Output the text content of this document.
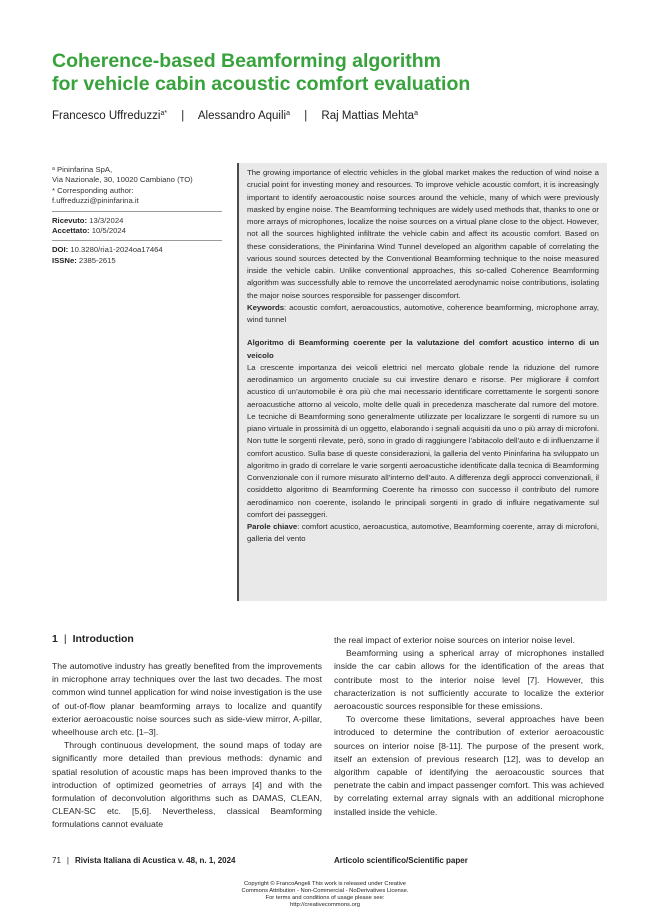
Coherence-based Beamforming algorithm
for vehicle cabin acoustic comfort evaluation
Francesco Uffreduzzi$^{a*}$ | Alessandro Aquili$^a$ | Raj Mattias Mehta$^a$

ᵃ Pininfarina SpA,

Via Nazionale, 30, 10020 Cambiano (TO)

* Corresponding author:

f.uffreduzzi@pininfarina.it

Ricevuto: 13/3/2024

Accettato: 10/5/2024

DOI: 10.3280/ria1-2024oa17464

ISSNe: 2385-2615

The growing importance of electric vehicles in the global market makes the reduction of wind noise a crucial point for investing money and resources. To improve vehicle acoustic comfort, it is increasingly important to identify aeroacoustic noise sources around the vehicle, many of which were previously masked by engine noise. The Beamforming techniques are widely used methods that, thanks to one or more arrays of microphones, localize the noise sources on a virtual plane close to the object. However, not all the sources highlighted infiltrate the vehicle cabin and affect its acoustic comfort. Based on these considerations, the Pininfarina Wind Tunnel developed an algorithm capable of correlating the various sound sources detected by the Conventional Beamforming technique to the noise measured inside the vehicle cabin. Unlike conventional approaches, this so-called Coherence Beamforming algorithm was successfully able to remove the uncorrelated aerodynamic noise contributions, isolating the major noise sources responsible for passenger discomfort.

Keywords: acoustic comfort, aeroacoustics, automotive, coherence beamforming, microphone array, wind tunnel

Algoritmo di Beamforming coerente per la valutazione del comfort acustico interno di un veicolo

La crescente importanza dei veicoli elettrici nel mercato globale rende la riduzione del rumore aerodinamico un argomento cruciale su cui investire denaro e risorse. Per migliorare il comfort acustico di un’automobile è ora più che mai necessario identificare correttamente le sorgenti sonore aeroacustiche attorno al veicolo, molte delle quali in precedenza mascherate dal rumore del motore. Le tecniche di Beamforming sono generalmente utilizzate per localizzare le sorgenti di rumore su un piano virtuale in prossimità di un oggetto, elaborando i segnali acquisiti da uno o più array di microfoni. Non tutte le sorgenti rilevate, però, sono in grado di raggiungere l’abitacolo dell’auto e di influenzarne il comfort acustico. Sulla base di queste considerazioni, la galleria del vento Pininfarina ha sviluppato un algoritmo in grado di correlare le varie sorgenti aeroacustiche identificate dalla tecnica di Beamforming Convenzionale con il rumore misurato all’interno dell’auto. A differenza degli approcci convenzionali, il cosiddetto algoritmo di Beamforming Coerente ha rimosso con successo il contributo del rumore aerodinamico non coerente, isolando le principali sorgenti in grado di influire negativamente sul comfort dei passeggeri.

Parole chiave: comfort acustico, aeroacustica, automotive, Beamforming coerente, array di microfoni, galleria del vento

1 | Introduction

The automotive industry has greatly benefited from the improvements in microphone array techniques over the last two decades. The most common wind tunnel application for wind noise investigation is the use of out-of-flow planar beamforming arrays to localize and quantify exterior aeroacoustic noise sources such as side-view mirror, A-pillar, wheelhouse arch etc. [1–3].

Through continuous development, the sound maps of today are significantly more detailed than previous methods: dynamic and spatial resolution of acoustic maps has been improved thanks to the introduction of optimized geometries of arrays [4] and with the formulation of deconvolution algorithms such as DAMAS, CLEAN, CLEAN-SC etc. [5,6]. Nevertheless, classical Beamforming formulations cannot evaluate

the real impact of exterior noise sources on interior noise level.

Beamforming using a spherical array of microphones installed inside the car cabin allows for the identification of the areas that contribute most to the interior noise level [7]. However, this characterization is not sufficiently accurate to localize the exterior aeroacoustic sources responsible for these emissions.

To overcome these limitations, several approaches have been introduced to determine the contribution of exterior aeroacoustic sources on interior noise [8-11]. The purpose of the present work, itself an extension of previous research [12], was to develop an algorithm capable of identifying the aeroacoustic sources that penetrate the cabin and impact passenger comfort. This was achieved by correlating external array signals with an additional microphone installed inside the vehicle.

71 | Rivista Italiana di Acustica v. 48, n. 1, 2024	Articolo scientifico/Scientific paper

Copyright © FrancoAngeli This work is released under Creative

Commons Attribution - Non-Commercial - NoDerivatives License.

For terms and conditions of usage please see:

http://creativecommons.org
